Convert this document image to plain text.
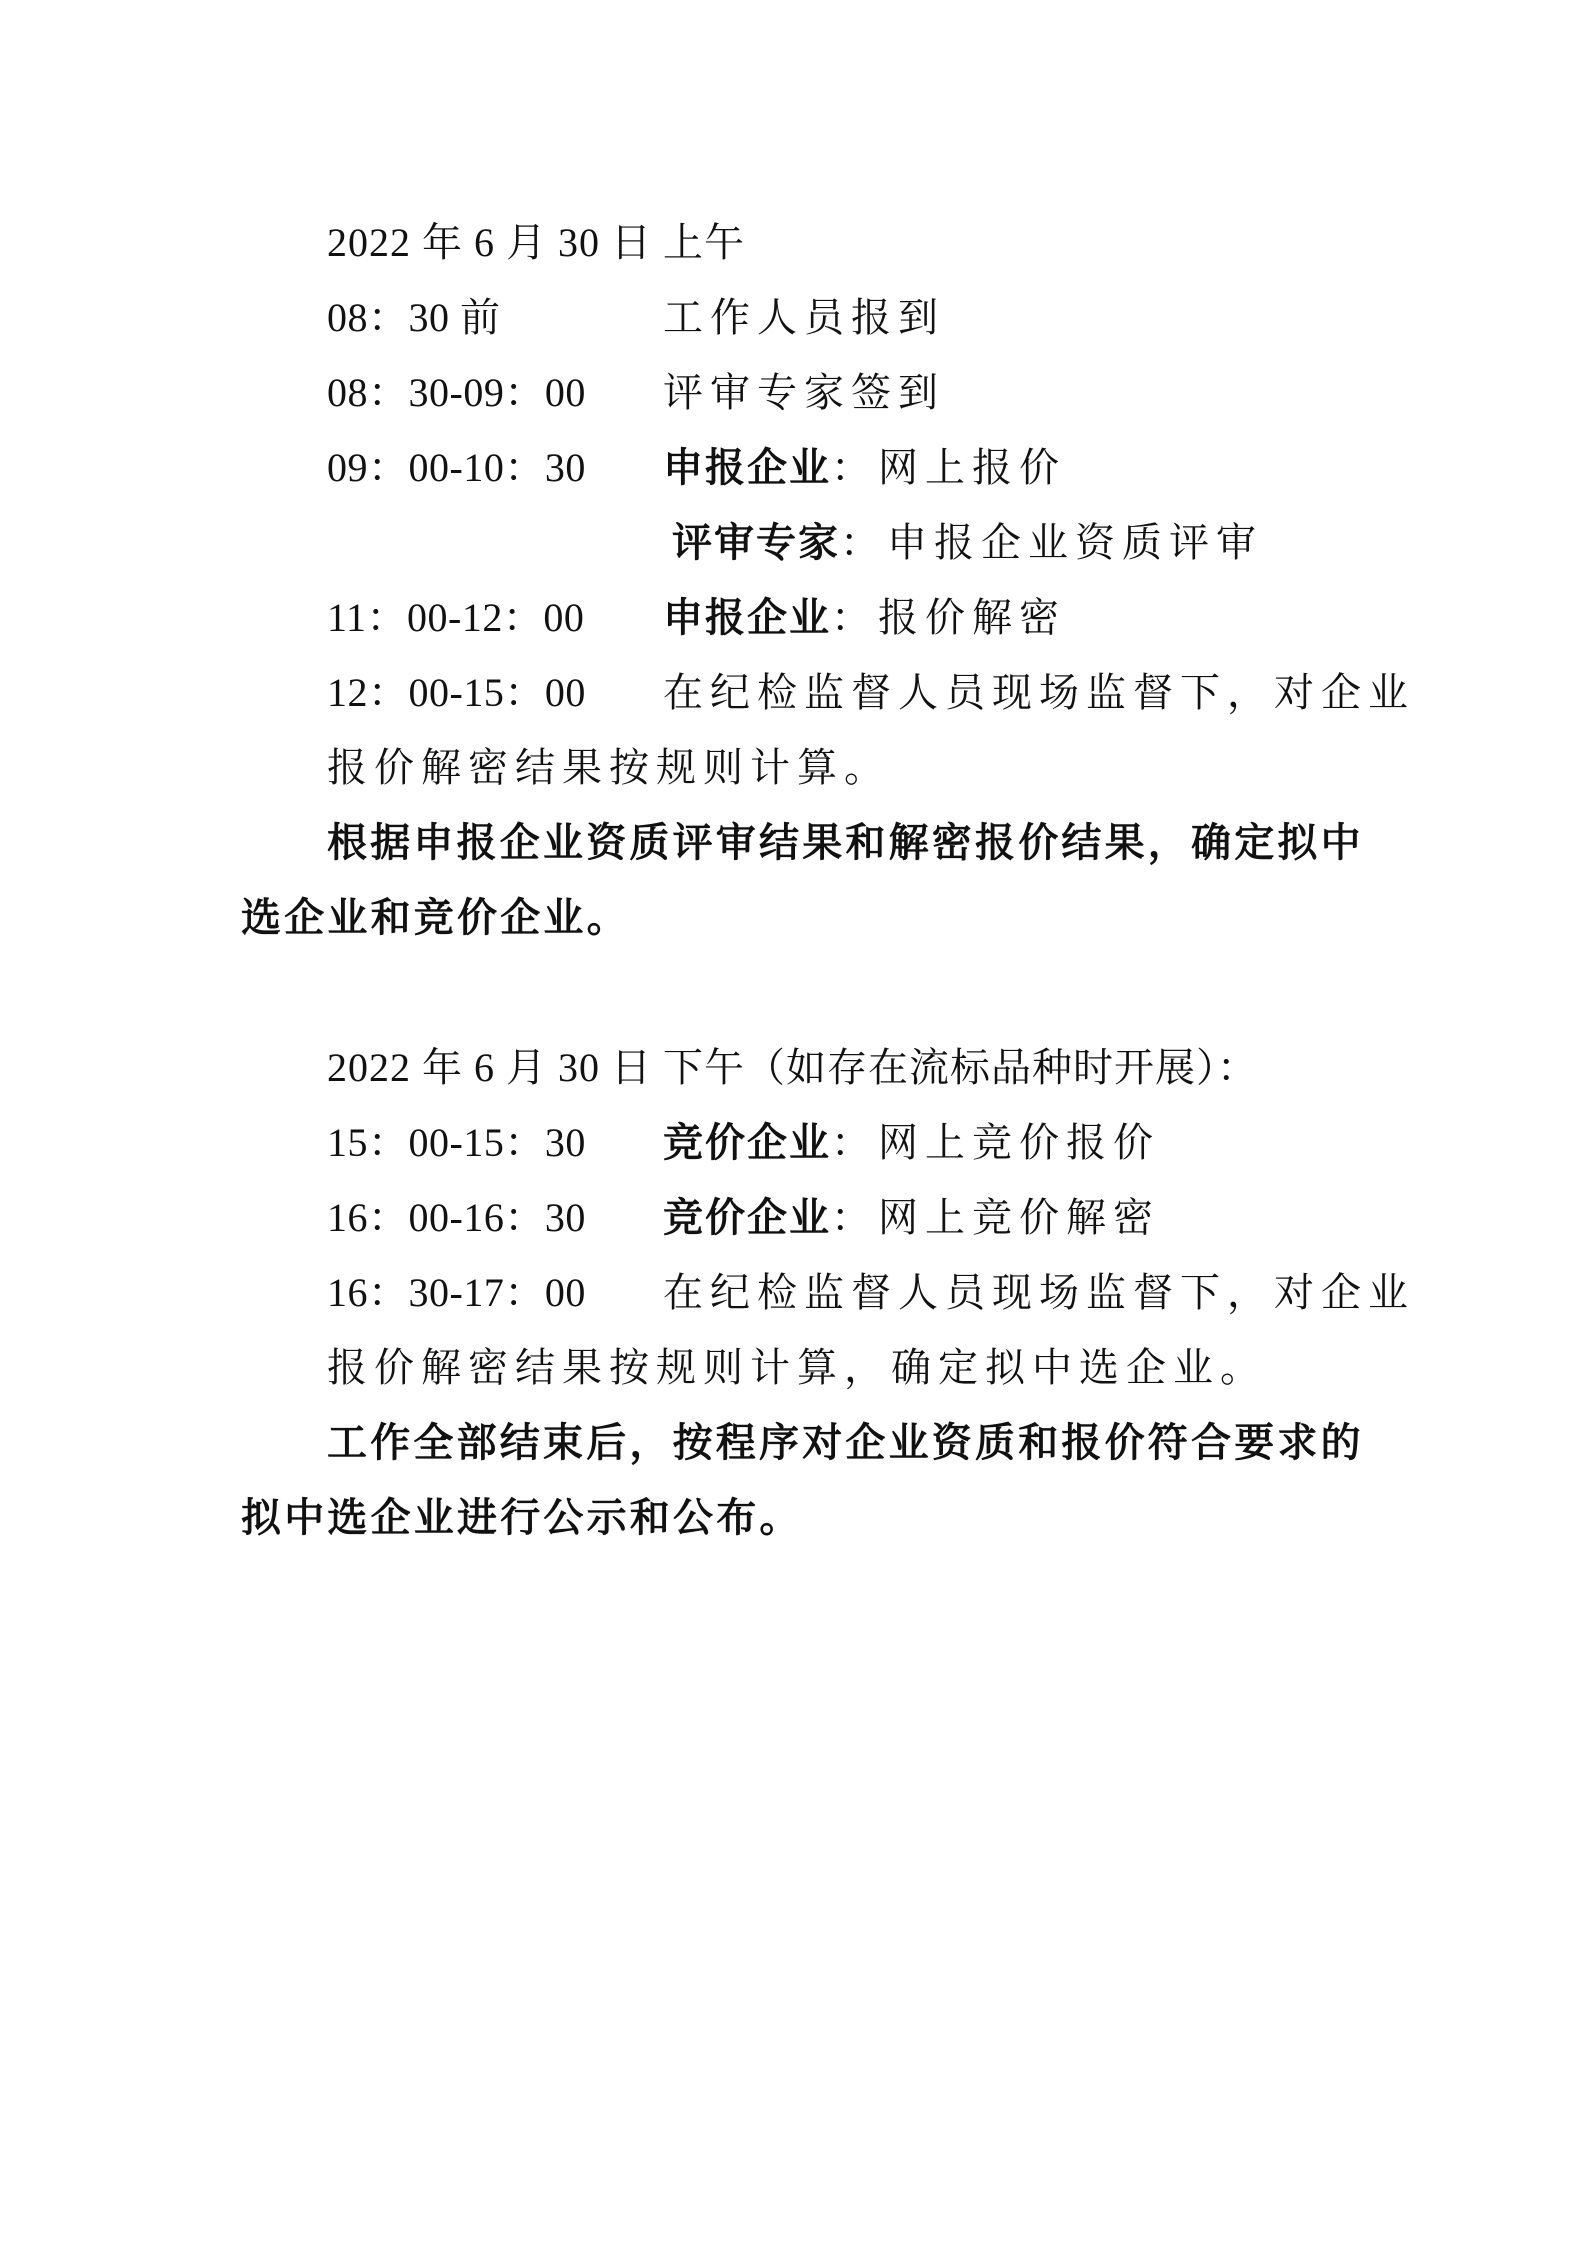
2022 年 6 月 30 日 上午
08：30 前	工作人员报到
08：30-09：00 评审专家签到
09：00-10：30 申报企业：网上报价
评审专家：申报企业资质评审
11：00-12：00 申报企业：报价解密
12：00-15：00 在纪检监督人员现场监督下，对企业
报价解密结果按规则计算。
根据申报企业资质评审结果和解密报价结果，确定拟中
选企业和竞价企业。
2022 年 6 月 30 日 下午（如存在流标品种时开展）：
15：00-15：30 竞价企业：网上竞价报价
16：00-16：30 竞价企业：网上竞价解密
16：30-17：00 在纪检监督人员现场监督下，对企业
报价解密结果按规则计算，确定拟中选企业。
工作全部结束后，按程序对企业资质和报价符合要求的
拟中选企业进行公示和公布。
